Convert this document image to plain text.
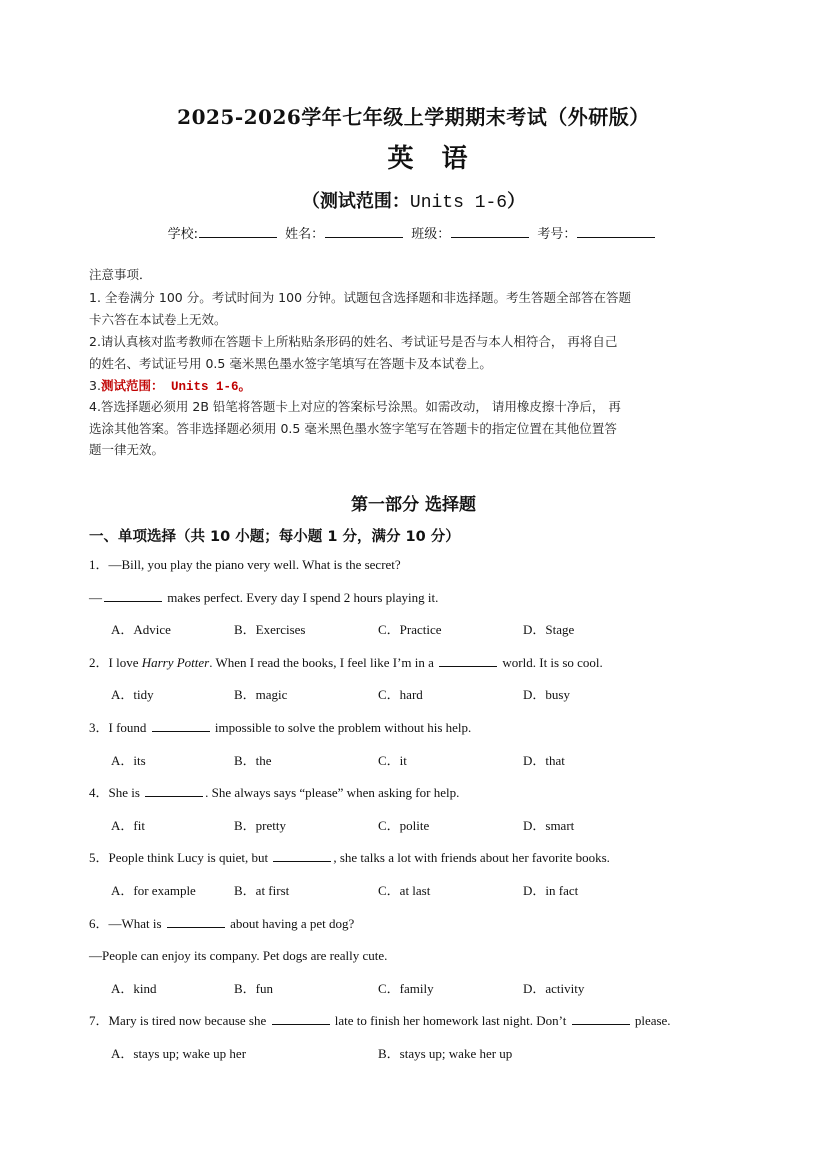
2025-2026学年七年级上学期期末考试（外研版）
英语
（测试范围：Units 1-6）
学校:	姓名：	班级：	考号：
注意事项．
1. 全卷满分 100 分。考试时间为 100 分钟。试题包含选择题和非选择题。考生答题全部答在答题
卡六答在本试卷上无效。
2.请认真核对监考教师在答题卡上所粘贴条形码的姓名、考试证号是否与本人相符合， 再将自己
的姓名、考试证号用 0.5 毫米黑色墨水签字笔填写在答题卡及本试卷上。
3.测试范围： Units 1-6。
4.答选择题必须用 2B 铅笔将答题卡上对应的答案标号涂黑。如需改动， 请用橡皮擦十净后， 再
选涂其他答案。答非选择题必须用 0.5 毫米黑色墨水签字笔写在答题卡的指定位置在其他位置答
题一律无效。
第一部分 选择题
一、单项选择（共 10 小题；每小题 1 分，满分 10 分）
1．—Bill, you play the piano very well. What is the secret?
—	makes perfect. Every day I spend 2 hours playing it.
A．Advice	B．Exercises	C．Practice	D．Stage
2．I love Harry Potter. When I read the books, I feel like I’m in a	world. It is so cool.
A．tidy	B．magic	C．hard	D．busy
3．I found	impossible to solve the problem without his help.
A．its	B．the	C．it	D．that
4．She is	. She always says “please” when asking for help.
A．fit	B．pretty	C．polite	D．smart
5．People think Lucy is quiet, but	, she talks a lot with friends about her favorite books.
A．for example	B．at first	C．at last	D．in fact
6．—What is	about having a pet dog?
—People can enjoy its company. Pet dogs are really cute.
A．kind	B．fun	C．family	D．activity
7．Mary is tired now because she	late to finish her homework last night. Don’t	please.
A．stays up; wake up her	B．stays up; wake her up
